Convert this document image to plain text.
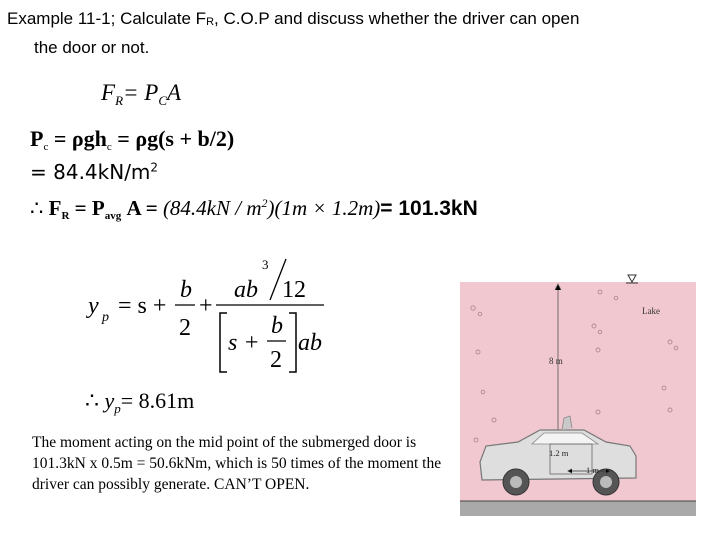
Example 11-1; Calculate FR, C.O.P and discuss whether the driver can open
the door or not.
$F_R= P_CA$
Pc = ρghc = ρg(s + b/2)
= $84.4kN/m^2$
∴ FR = Pavg $A = (84.4kN / m^2)(1m \times 1.2m)= 101.3kN$
y p = s +
b
2
+
ab
3
12
s +
b
2
ab
∴ $y_p= 8.61m$
The moment acting on the mid point of the submerged door is 101.3kN x 0.5m = 50.6kNm, which is 50 times of the moment the driver can possibly generate. CAN’T OPEN.
Lake
8 m
1.2 m
1 m
